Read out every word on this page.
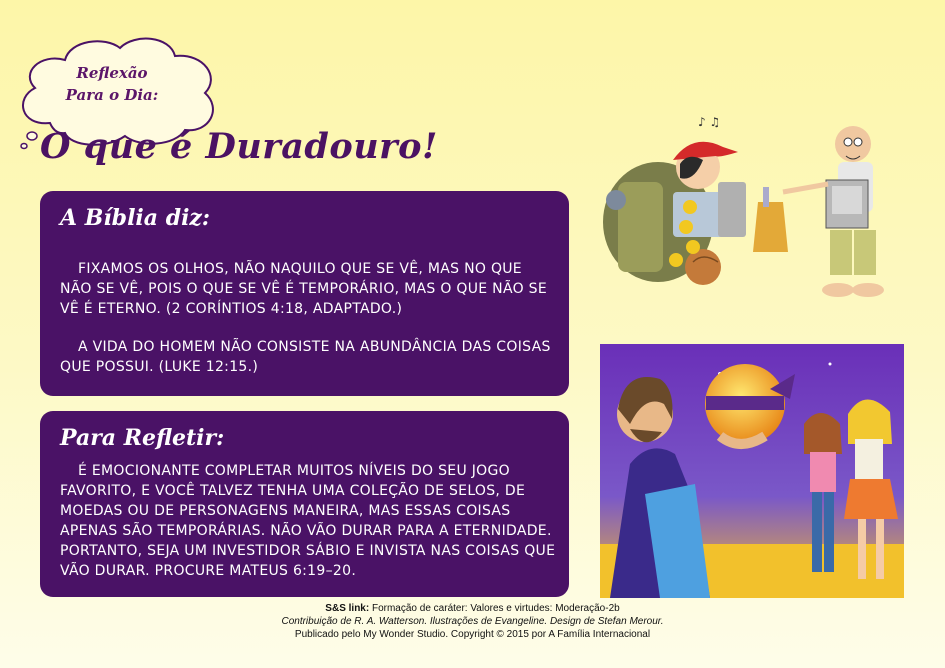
Reflexão
Para o Dia:
O que é Duradouro!
A Bíblia diz:

FIXAMOS OS OLHOS, NÃO NAQUILO QUE SE VÊ, MAS NO QUE NÃO SE VÊ, POIS O QUE SE VÊ É TEMPORÁRIO, MAS O QUE NÃO SE VÊ É ETERNO. (2 CORÍNTIOS 4:18, ADAPTADO.)

A VIDA DO HOMEM NÃO CONSISTE NA ABUNDÂNCIA DAS COISAS QUE POSSUI. (LUKE 12:15.)

Para Refletir:

É EMOCIONANTE COMPLETAR MUITOS NÍVEIS DO SEU JOGO FAVORITO, E VOCÊ TALVEZ TENHA UMA COLEÇÃO DE SELOS, DE MOEDAS OU DE PERSONAGENS MANEIRA, MAS ESSAS COISAS APENAS SÃO TEMPORÁRIAS. NÃO VÃO DURAR PARA A ETERNIDADE. PORTANTO, SEJA UM INVESTIDOR SÁBIO E INVISTA NAS COISAS QUE VÃO DURAR. PROCURE MATEUS 6:19–20.

♪ ♫
S&S link: Formação de caráter: Valores e virtudes: Moderação-2b
Contribuição de R. A. Watterson. Ilustrações de Evangeline. Design de Stefan Merour.
Publicado pelo My Wonder Studio. Copyright © 2015 por A Família Internacional
